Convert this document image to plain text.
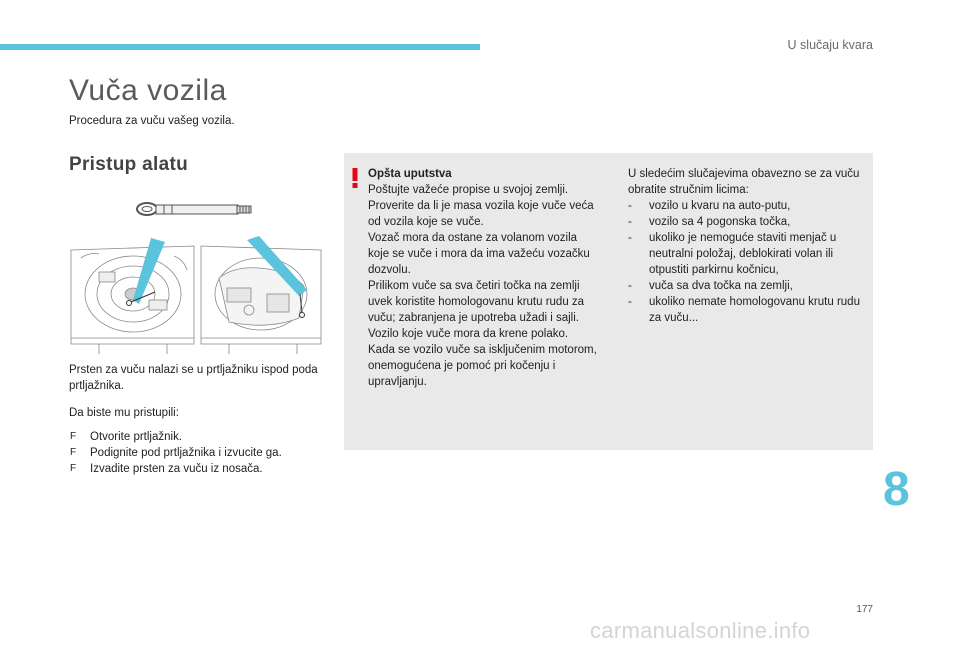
U slučaju kvara
Vuča vozila
Procedura za vuču vašeg vozila.
Pristup alatu
Prsten za vuču nalazi se u prtljažniku ispod poda prtljažnika.
Da biste mu pristupili:
F Otvorite prtljažnik.
F Podignite pod prtljažnika i izvucite ga.
F Izvadite prsten za vuču iz nosača.
Opšta uputstva
Poštujte važeće propise u svojoj zemlji.
Proverite da li je masa vozila koje vuče veća
od vozila koje se vuče.
Vozač mora da ostane za volanom vozila
koje se vuče i mora da ima važeću vozačku
dozvolu.
Prilikom vuče sa sva četiri točka na zemlji
uvek koristite homologovanu krutu rudu za
vuču; zabranjena je upotreba užadi i sajli.
Vozilo koje vuče mora da krene polako.
Kada se vozilo vuče sa isključenim motorom,
onemogućena je pomoć pri kočenju i
upravljanju.
U sledećim slučajevima obavezno se za vuču obratite stručnim licima:
- vozilo u kvaru na auto-putu,
- vozilo sa 4 pogonska točka,
- ukoliko je nemoguće staviti menjač u neutralni položaj, deblokirati volan ili otpustiti parkirnu kočnicu,
- vuča sa dva točka na zemlji,
- ukoliko nemate homologovanu krutu rudu za vuču...
8
177
carmanualsonline.info
